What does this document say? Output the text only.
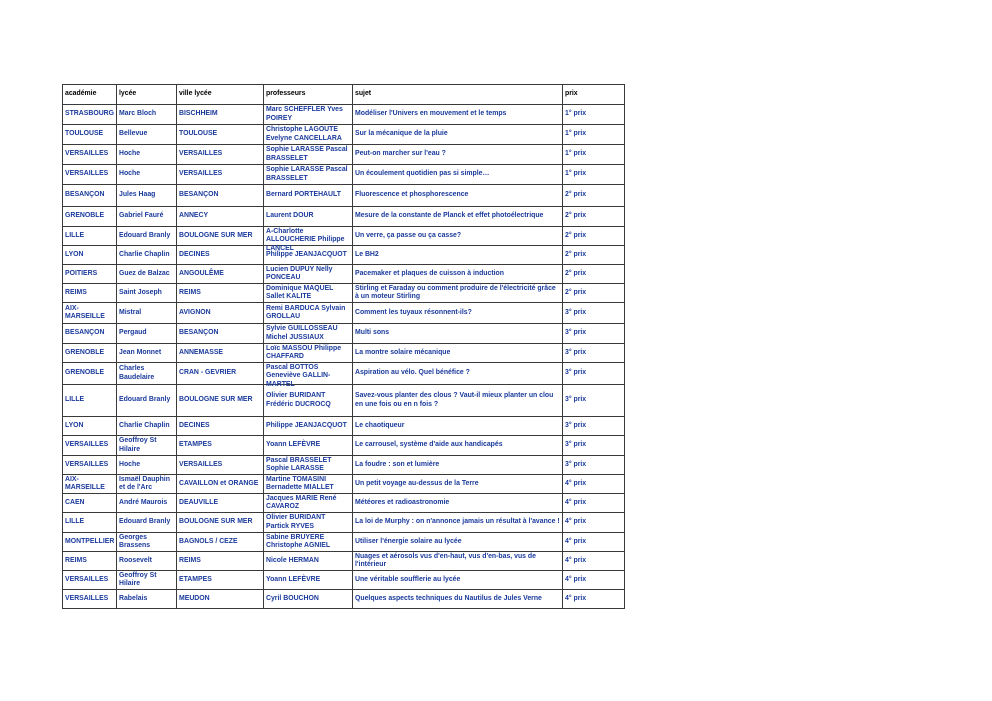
académie	lycée	ville lycée	professeurs	sujet	prix

STRASBOURG	Marc Bloch	BISCHHEIM	Marc SCHEFFLER Yves POIREY	Modéliser l'Univers en mouvement et le temps	1° prix

TOULOUSE	Bellevue	TOULOUSE	Christophe LAGOUTE Evelyne CANCELLARA	Sur la mécanique de la pluie	1° prix

VERSAILLES	Hoche	VERSAILLES	Sophie LARASSE Pascal BRASSELET	Peut-on marcher sur l'eau ?	1° prix

VERSAILLES	Hoche	VERSAILLES	Sophie LARASSE Pascal BRASSELET	Un écoulement quotidien pas si simple…	1° prix

BESANÇON	Jules Haag	BESANÇON	Bernard PORTEHAULT	Fluorescence et phosphorescence	2° prix

GRENOBLE	Gabriel Fauré	ANNECY	Laurent DOUR	Mesure de la constante de Planck et effet photoélectrique	2° prix

LILLE	Edouard Branly	BOULOGNE SUR MER	A-Charlotte ALLOUCHERIE Philippe LANCEL	Un verre, ça passe ou ça casse?	2° prix

LYON	Charlie Chaplin	DECINES	Philippe JEANJACQUOT	Le BH2	2° prix

POITIERS	Guez de Balzac	ANGOULÊME	Lucien DUPUY Nelly PONCEAU	Pacemaker et plaques de cuisson à induction	2° prix

REIMS	Saint Joseph	REIMS	Dominique MAQUEL Sallet KALITE	Stirling et Faraday ou comment produire de l'électricité grâce à un moteur Stirling	2° prix

AIX-MARSEILLE	Mistral	AVIGNON	Remi BARDUCA Sylvain GROLLAU	Comment les tuyaux résonnent-ils?	3° prix

BESANÇON	Pergaud	BESANÇON	Sylvie GUILLOSSEAU Michel JUSSIAUX	Multi sons	3° prix

GRENOBLE	Jean Monnet	ANNEMASSE	Loïc MASSOU Philippe CHAFFARD	La montre solaire mécanique	3° prix

GRENOBLE	Charles Baudelaire	CRAN - GEVRIER	Pascal BOTTOS Geneviève GALLIN-MARTEL	Aspiration au vélo. Quel bénéfice ?	3° prix

LILLE	Edouard Branly	BOULOGNE SUR MER	Olivier BURIDANT Frédéric DUCROCQ	Savez-vous planter des clous ? Vaut-il mieux planter un clou en une fois ou en n fois ?	3° prix

LYON	Charlie Chaplin	DECINES	Philippe JEANJACQUOT	Le chaotiqueur	3° prix

VERSAILLES	Geoffroy St Hilaire	ETAMPES	Yoann LEFÈVRE	Le carrousel, système d'aide aux handicapés	3° prix

VERSAILLES	Hoche	VERSAILLES	Pascal BRASSELET Sophie LARASSE	La foudre : son et lumière	3° prix

AIX-MARSEILLE	Ismaël Dauphin et de l'Arc	CAVAILLON et ORANGE	Martine TOMASINI Bernadette MIALLET	Un petit voyage au-dessus de la Terre	4° prix

CAEN	André Maurois	DEAUVILLE	Jacques MARIE René CAVAROZ	Météores et radioastronomie	4° prix

LILLE	Edouard Branly	BOULOGNE SUR MER	Olivier BURIDANT Partick RYVES	La loi de Murphy : on n'annonce jamais un résultat à l'avance !	4° prix

MONTPELLIER	Georges Brassens	BAGNOLS / CEZE	Sabine BRUYERE Christophe AGNIEL	Utiliser l'énergie solaire au lycée	4° prix

REIMS	Roosevelt	REIMS	Nicole HERMAN	Nuages et aérosols vus d'en-haut, vus d'en-bas, vus de l'intérieur	4° prix

VERSAILLES	Geoffroy St Hilaire	ETAMPES	Yoann LEFÈVRE	Une véritable soufflerie au lycée	4° prix

VERSAILLES	Rabelais	MEUDON	Cyril BOUCHON	Quelques aspects techniques du Nautilus de Jules Verne	4° prix
